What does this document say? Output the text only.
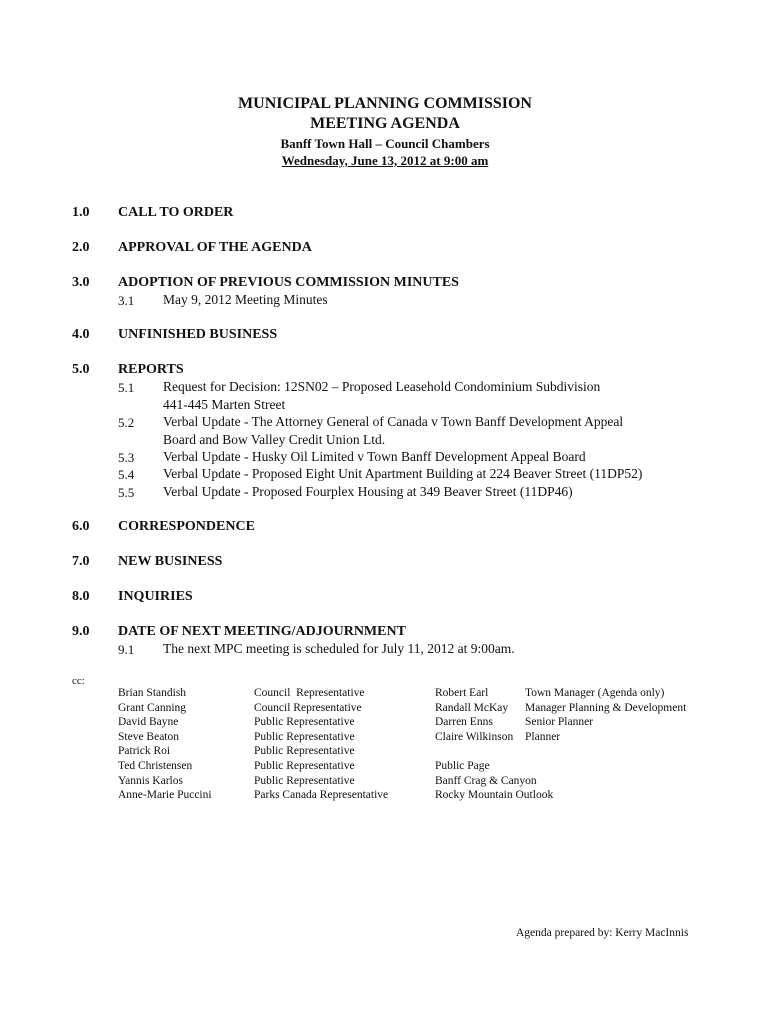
MUNICIPAL PLANNING COMMISSION
MEETING AGENDA
Banff Town Hall – Council Chambers
Wednesday, June 13, 2012 at 9:00 am
1.0 CALL TO ORDER
2.0 APPROVAL OF THE AGENDA
3.0 ADOPTION OF PREVIOUS COMMISSION MINUTES
3.1 May 9, 2012 Meeting Minutes
4.0 UNFINISHED BUSINESS
5.0 REPORTS
5.1 Request for Decision: 12SN02 – Proposed Leasehold Condominium Subdivision
441-445 Marten Street
5.2 Verbal Update - The Attorney General of Canada v Town Banff Development Appeal
Board and Bow Valley Credit Union Ltd.
5.3 Verbal Update - Husky Oil Limited v Town Banff Development Appeal Board
5.4 Verbal Update - Proposed Eight Unit Apartment Building at 224 Beaver Street (11DP52)
5.5 Verbal Update - Proposed Fourplex Housing at 349 Beaver Street (11DP46)
6.0 CORRESPONDENCE
7.0 NEW BUSINESS
8.0 INQUIRIES
9.0 DATE OF NEXT MEETING/ADJOURNMENT
9.1 The next MPC meeting is scheduled for July 11, 2012 at 9:00am.
cc:
Brian Standish
Grant Canning
David Bayne
Steve Beaton
Patrick Roi
Ted Christensen
Yannis Karlos
Anne-Marie Puccini
Council  Representative
Council Representative
Public Representative
Public Representative
Public Representative
Public Representative
Public Representative
Parks Canada Representative
Robert Earl
Randall McKay
Darren Enns
Claire Wilkinson
Public Page
Banff Crag & Canyon
Rocky Mountain Outlook
Town Manager (Agenda only)
Manager Planning & Development
Senior Planner
Planner
Agenda prepared by: Kerry MacInnis
